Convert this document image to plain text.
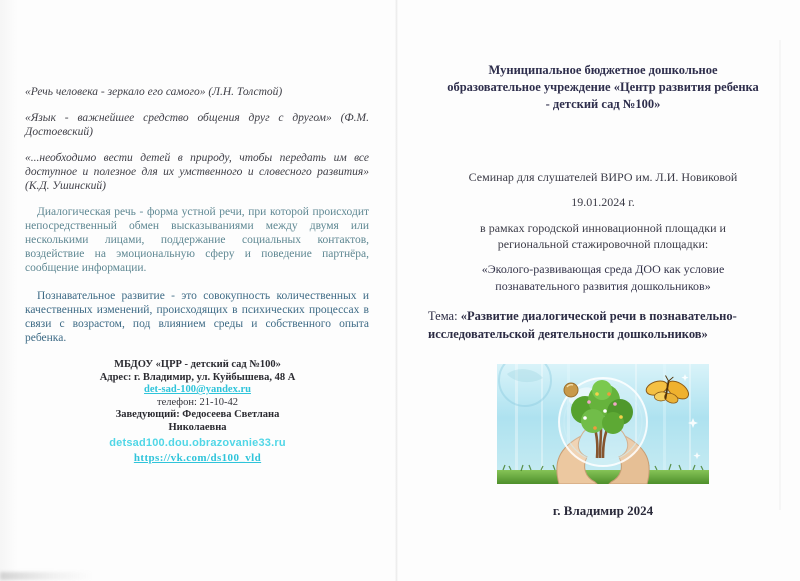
«Речь человека - зеркало его самого» (Л.Н. Толстой)

«Язык - важнейшее средство общения друг с другом» (Ф.М. Достоевский)

«...необходимо вести детей в природу, чтобы передать им все доступное и полезное для их умственного и словесного развития» (К.Д. Ушинский)

Диалогическая речь - форма устной речи, при которой происходит непосредственный обмен высказываниями между двумя или несколькими лицами, поддержание социальных контактов, воздействие на эмоциональную сферу и поведение партнёра, сообщение информации.

Познавательное развитие - это совокупность количественных и качественных изменений, происходящих в психических процессах в связи с возрастом, под влиянием среды и собственного опыта ребенка.

МБДОУ «ЦРР - детский сад №100»
Адрес: г. Владимир, ул. Куйбышева, 48 А
det-sad-100@yandex.ru
телефон: 21-10-42
Заведующий: Федосеева Светлана Николаевна
detsad100.dou.obrazovanie33.ru
https://vk.com/ds100_vld
Муниципальное бюджетное дошкольное
образовательное учреждение «Центр развития ребенка
- детский сад №100»
Семинар для слушателей ВИРО им. Л.И. Новиковой
19.01.2024 г.
в рамках городской инновационной площадки и региональной стажировочной площадки:
«Эколого-развивающая среда ДОО как условие познавательного развития дошкольников»
Тема: «Развитие диалогической речи в познавательно-исследовательской деятельности дошкольников»
г. Владимир 2024
